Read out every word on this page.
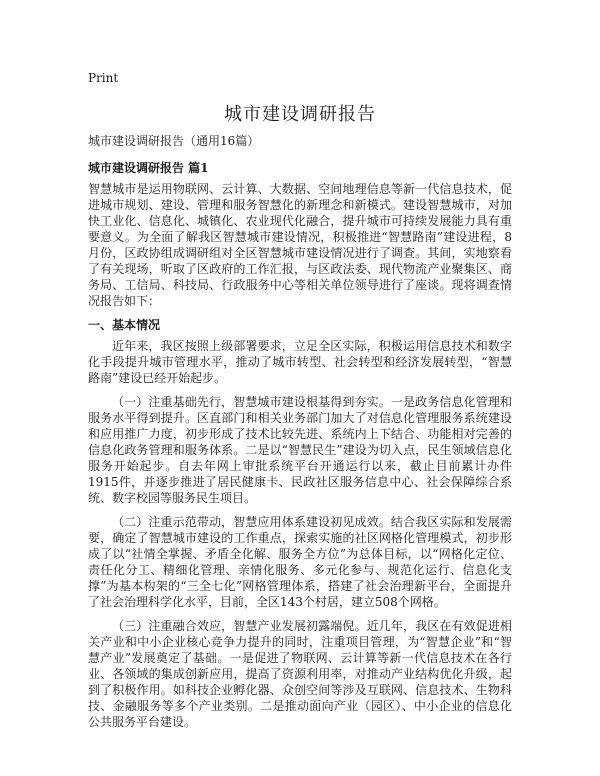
Print
城市建设调研报告

城市建设调研报告（通用16篇）

城市建设调研报告 篇1

智慧城市是运用物联网、云计算、大数据、空间地理信息等新一代信息技术，促进城市规划、建设、管理和服务智慧化的新理念和新模式。建设智慧城市，对加快工业化、信息化、城镇化、农业现代化融合，提升城市可持续发展能力具有重要意义。为全面了解我区智慧城市建设情况，积极推进“智慧路南”建设进程，8月份，区政协组成调研组对全区智慧城市建设情况进行了调查。其间，实地察看了有关现场，听取了区政府的工作汇报，与区政法委、现代物流产业聚集区、商务局、工信局、科技局、行政服务中心等相关单位领导进行了座谈。现将调查情况报告如下：

一、基本情况

近年来，我区按照上级部署要求，立足全区实际，积极运用信息技术和数字化手段提升城市管理水平，推动了城市转型、社会转型和经济发展转型，“智慧路南”建设已经开始起步。

（一）注重基础先行，智慧城市建设根基得到夯实。一是政务信息化管理和服务水平得到提升。区直部门和相关业务部门加大了对信息化管理服务系统建设和应用推广力度，初步形成了技术比较先进、系统内上下结合、功能相对完善的信息化政务管理和服务体系。二是以“智慧民生”建设为切入点，民生领域信息化服务开始起步。自去年网上审批系统平台开通运行以来，截止目前累计办件1915件，并逐步推进了居民健康卡、民政社区服务信息中心、社会保障综合系统、数字校园等服务民生项目。

（二）注重示范带动，智慧应用体系建设初见成效。结合我区实际和发展需要，确定了智慧城市建设的工作重点，探索实施的社区网格化管理模式，初步形成了以“社情全掌握、矛盾全化解、服务全方位”为总体目标，以“网格化定位、责任化分工、精细化管理、亲情化服务、多元化参与、规范化运行、信息化支撑”为基本构架的“三全七化”网格管理体系，搭建了社会治理新平台，全面提升了社会治理科学化水平，目前，全区143个村居，建立508个网格。

（三）注重融合效应，智慧产业发展初露端倪。近几年，我区在有效促进相关产业和中小企业核心竞争力提升的同时，注重项目管理，为“智慧企业”和“智慧产业”发展奠定了基础。一是促进了物联网、云计算等新一代信息技术在各行业、各领域的集成创新应用，提高了资源利用率，对推动产业结构优化升级，起到了积极作用。如科技企业孵化器、众创空间等涉及互联网、信息技术、生物科技、金融服务等多个产业类别。二是推动面向产业（园区）、中小企业的信息化公共服务平台建设。
